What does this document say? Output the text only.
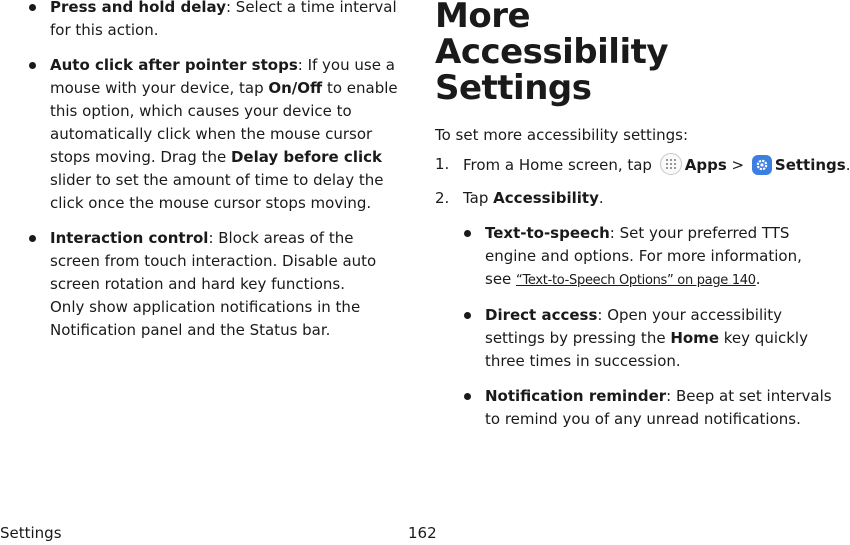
Press and hold delay: Select a time interval for this action.
Auto click after pointer stops: If you use a mouse with your device, tap On/Off to enable this option, which causes your device to automatically click when the mouse cursor stops moving. Drag the Delay before click slider to set the amount of time to delay the click once the mouse cursor stops moving.
Interaction control: Block areas of the screen from touch interaction. Disable auto screen rotation and hard key functions.
Only show application notifications in the Notification panel and the Status bar.
More Accessibility Settings
To set more accessibility settings:
1. From a Home screen, tap Apps > Settings
2. Tap Accessibility.
Text-to-speech: Set your preferred TTS engine and options. For more information, see “Text-to-Speech Options” on page 140.
Direct access: Open your accessibility settings by pressing the Home key quickly three times in succession.
Notification reminder: Beep at set intervals to remind you of any unread notifications.
Settings	162
